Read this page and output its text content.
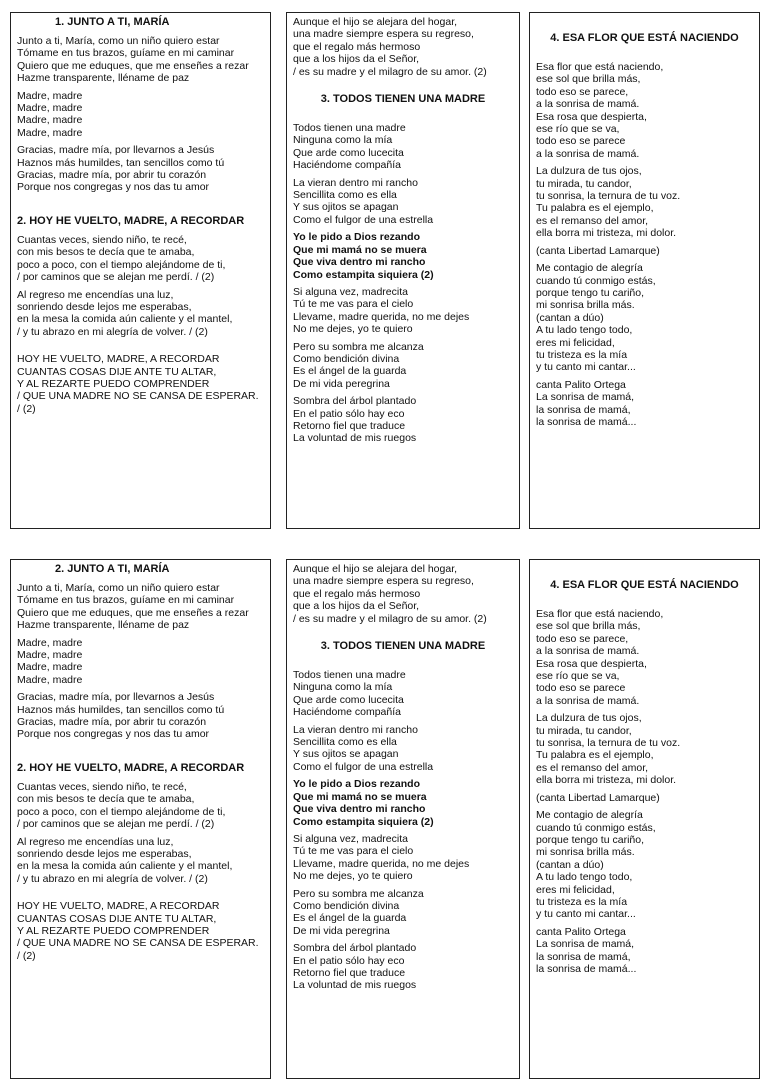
1. JUNTO A TI, MARÍA

Junto a ti, María, como un niño quiero estar
Tómame en tus brazos, guíame en mi caminar
Quiero que me eduques, que me enseñes a rezar
Hazme transparente, lléname de paz

Madre, madre
Madre, madre
Madre, madre
Madre, madre

Gracias, madre mía, por llevarnos a Jesús
Haznos más humildes, tan sencillos como tú
Gracias, madre mía, por abrir tu corazón
Porque nos congregas y nos das tu amor

2. HOY HE VUELTO, MADRE, A RECORDAR

Cuantas veces, siendo niño, te recé,
con mis besos te decía que te amaba,
poco a poco, con el tiempo alejándome de ti,
/ por caminos que se alejan me perdí. / (2)

Al regreso me encendías una luz,
sonriendo desde lejos me esperabas,
en la mesa la comida aún caliente y el mantel,
/ y tu abrazo en mi alegría de volver. / (2)

HOY HE VUELTO, MADRE, A RECORDAR
CUANTAS COSAS DIJE ANTE TU ALTAR,
Y AL REZARTE PUEDO COMPRENDER
/ QUE UNA MADRE NO SE CANSA DE ESPERAR. / (2)

Aunque el hijo se alejara del hogar,
una madre siempre espera su regreso,
que el regalo más hermoso
que a los hijos da el Señor,
/ es su madre y el milagro de su amor. (2)

3. TODOS TIENEN UNA MADRE

Todos tienen una madre
Ninguna como la mía
Que arde como lucecita
Haciéndome compañía

La vieran dentro mi rancho
Sencillita como es ella
Y sus ojitos se apagan
Como el fulgor de una estrella

Yo le pido a Dios rezando
Que mi mamá no se muera
Que viva dentro mi rancho
Como estampita siquiera (2)

Si alguna vez, madrecita
Tú te me vas para el cielo
Llevame, madre querida, no me dejes
No me dejes, yo te quiero

Pero su sombra me alcanza
Como bendición divina
Es el ángel de la guarda
De mi vida peregrina

Sombra del árbol plantado
En el patio sólo hay eco
Retorno fiel que traduce
La voluntad de mis ruegos

4. ESA FLOR QUE ESTÁ NACIENDO

Esa flor que está naciendo,
ese sol que brilla más,
todo eso se parece,
a la sonrisa de mamá.
Esa rosa que despierta,
ese río que se va,
todo eso se parece
a la sonrisa de mamá.

La dulzura de tus ojos,
tu mirada, tu candor,
tu sonrisa, la ternura de tu voz.
Tu palabra es el ejemplo,
es el remanso del amor,
ella borra mi tristeza, mi dolor.

(canta Libertad Lamarque)

Me contagio de alegría
cuando tú conmigo estás,
porque tengo tu cariño,
mi sonrisa brilla más.
(cantan a dúo)
A tu lado tengo todo,
eres mi felicidad,
tu tristeza es la mía
y tu canto mi cantar...

canta Palito Ortega
La sonrisa de mamá,
la sonrisa de mamá,
la sonrisa de mamá...

2. JUNTO A TI, MARÍA

Junto a ti, María, como un niño quiero estar
Tómame en tus brazos, guíame en mi caminar
Quiero que me eduques, que me enseñes a rezar
Hazme transparente, lléname de paz

Madre, madre
Madre, madre
Madre, madre
Madre, madre

Gracias, madre mía, por llevarnos a Jesús
Haznos más humildes, tan sencillos como tú
Gracias, madre mía, por abrir tu corazón
Porque nos congregas y nos das tu amor

2. HOY HE VUELTO, MADRE, A RECORDAR

Cuantas veces, siendo niño, te recé,
con mis besos te decía que te amaba,
poco a poco, con el tiempo alejándome de ti,
/ por caminos que se alejan me perdí. / (2)

Al regreso me encendías una luz,
sonriendo desde lejos me esperabas,
en la mesa la comida aún caliente y el mantel,
/ y tu abrazo en mi alegría de volver. / (2)

HOY HE VUELTO, MADRE, A RECORDAR
CUANTAS COSAS DIJE ANTE TU ALTAR,
Y AL REZARTE PUEDO COMPRENDER
/ QUE UNA MADRE NO SE CANSA DE ESPERAR. / (2)

Aunque el hijo se alejara del hogar,
una madre siempre espera su regreso,
que el regalo más hermoso
que a los hijos da el Señor,
/ es su madre y el milagro de su amor. (2)

3. TODOS TIENEN UNA MADRE

Todos tienen una madre
Ninguna como la mía
Que arde como lucecita
Haciéndome compañía

La vieran dentro mi rancho
Sencillita como es ella
Y sus ojitos se apagan
Como el fulgor de una estrella

Yo le pido a Dios rezando
Que mi mamá no se muera
Que viva dentro mi rancho
Como estampita siquiera (2)

Si alguna vez, madrecita
Tú te me vas para el cielo
Llevame, madre querida, no me dejes
No me dejes, yo te quiero

Pero su sombra me alcanza
Como bendición divina
Es el ángel de la guarda
De mi vida peregrina

Sombra del árbol plantado
En el patio sólo hay eco
Retorno fiel que traduce
La voluntad de mis ruegos

4. ESA FLOR QUE ESTÁ NACIENDO

Esa flor que está naciendo,
ese sol que brilla más,
todo eso se parece,
a la sonrisa de mamá.
Esa rosa que despierta,
ese río que se va,
todo eso se parece
a la sonrisa de mamá.

La dulzura de tus ojos,
tu mirada, tu candor,
tu sonrisa, la ternura de tu voz.
Tu palabra es el ejemplo,
es el remanso del amor,
ella borra mi tristeza, mi dolor.

(canta Libertad Lamarque)

Me contagio de alegría
cuando tú conmigo estás,
porque tengo tu cariño,
mi sonrisa brilla más.
(cantan a dúo)
A tu lado tengo todo,
eres mi felicidad,
tu tristeza es la mía
y tu canto mi cantar...

canta Palito Ortega
La sonrisa de mamá,
la sonrisa de mamá,
la sonrisa de mamá...
